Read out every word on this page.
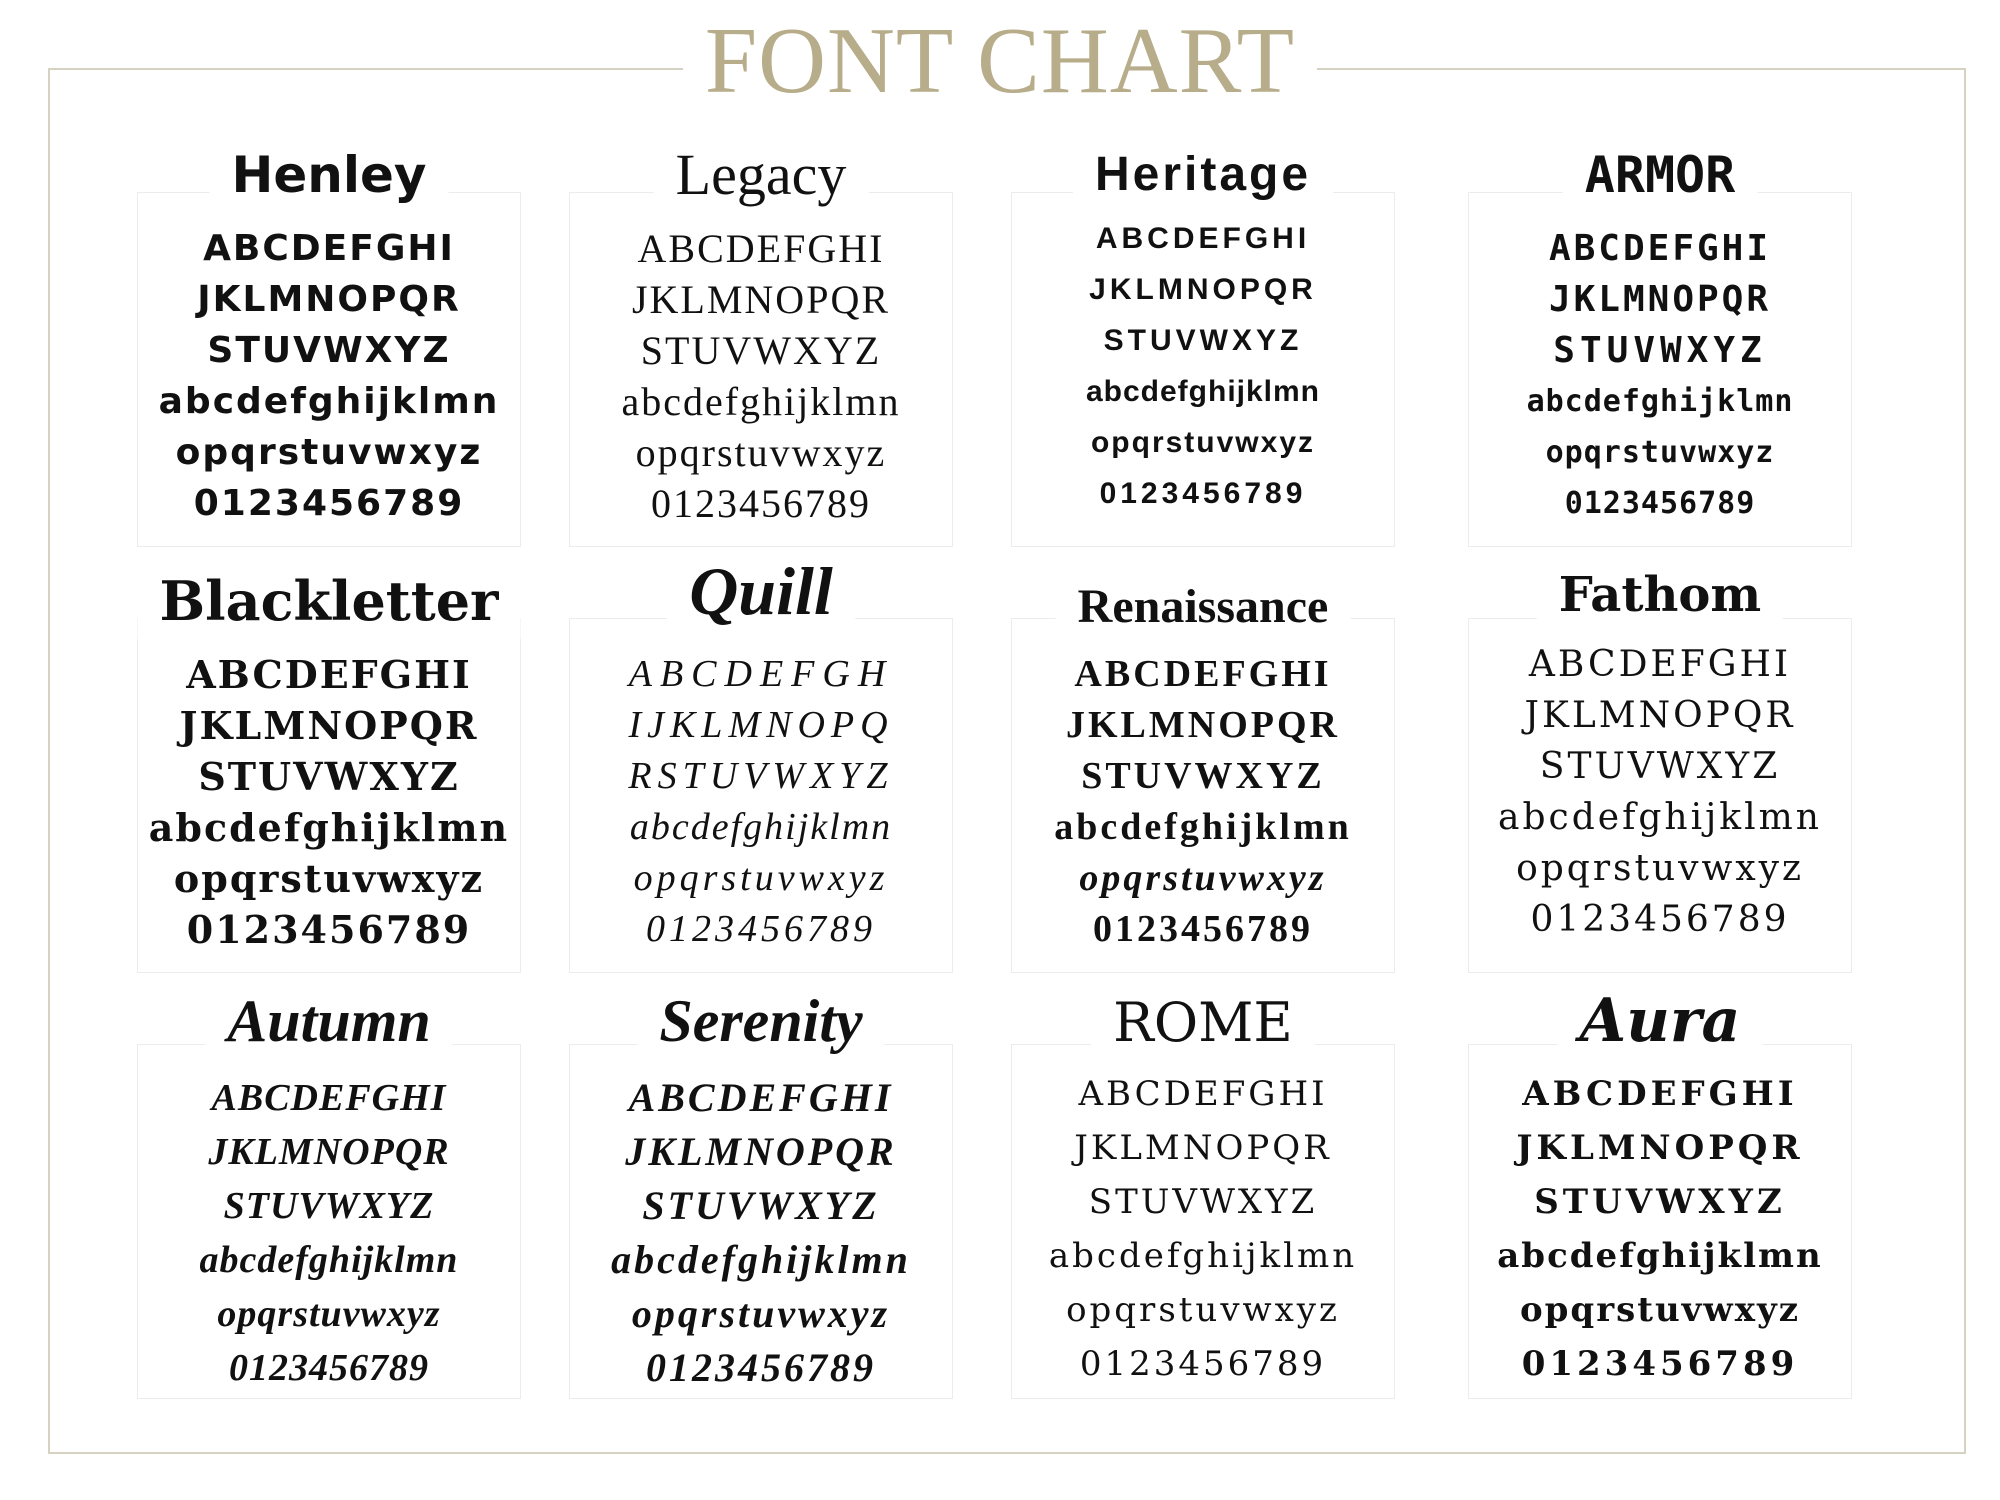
FONT CHART
Henley
ABCDEFGHI
JKLMNOPQR
STUVWXYZ
abcdefghijklmn
opqrstuvwxyz
0123456789
Legacy
ABCDEFGHI
JKLMNOPQR
STUVWXYZ
abcdefghijklmn
opqrstuvwxyz
0123456789
Heritage
ABCDEFGHI
JKLMNOPQR
STUVWXYZ
abcdefghijklmn
opqrstuvwxyz
0123456789
ARMOR
ABCDEFGHI
JKLMNOPQR
STUVWXYZ
abcdefghijklmn
opqrstuvwxyz
0123456789
Blackletter
ABCDEFGHI
JKLMNOPQR
STUVWXYZ
abcdefghijklmn
opqrstuvwxyz
0123456789
Quill
ABCDEFGH
IJKLMNOPQ
RSTUVWXYZ
abcdefghijklmn
opqrstuvwxyz
0123456789
Renaissance
ABCDEFGHI
JKLMNOPQR
STUVWXYZ
abcdefghijklmn
opqrstuvwxyz
0123456789
Fathom
ABCDEFGHI
JKLMNOPQR
STUVWXYZ
abcdefghijklmn
opqrstuvwxyz
0123456789
Autumn
ABCDEFGHI
JKLMNOPQR
STUVWXYZ
abcdefghijklmn
opqrstuvwxyz
0123456789
Serenity
ABCDEFGHI
JKLMNOPQR
STUVWXYZ
abcdefghijklmn
opqrstuvwxyz
0123456789
ROME
ABCDEFGHI
JKLMNOPQR
STUVWXYZ
abcdefghijklmn
opqrstuvwxyz
0123456789
Aura
ABCDEFGHI
JKLMNOPQR
STUVWXYZ
abcdefghijklmn
opqrstuvwxyz
0123456789
